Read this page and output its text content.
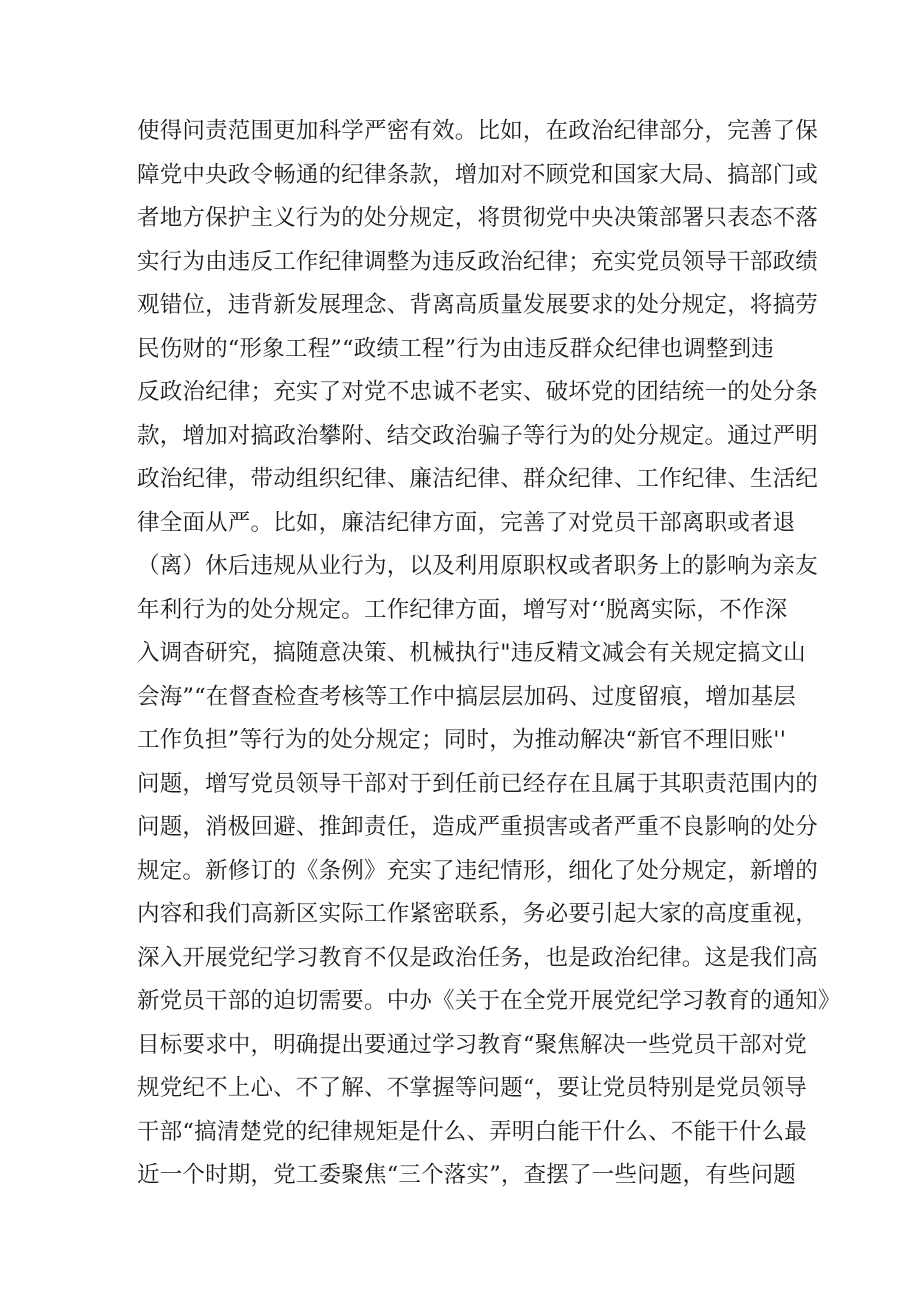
使得问责范围更加科学严密有效。比如，在政治纪律部分，完善了保
障党中央政令畅通的纪律条款，增加对不顾党和国家大局、搞部门或
者地方保护主义行为的处分规定，将贯彻党中央决策部署只表态不落
实行为由违反工作纪律调整为违反政治纪律；充实党员领导干部政绩
观错位，违背新发展理念、背离高质量发展要求的处分规定，将搞劳
民伤财的“形象工程”“政绩工程”行为由违反群众纪律也调整到违
反政治纪律；充实了对党不忠诚不老实、破坏党的团结统一的处分条
款，增加对搞政治攀附、结交政治骗子等行为的处分规定。通过严明
政治纪律，带动组织纪律、廉洁纪律、群众纪律、工作纪律、生活纪
律全面从严。比如，廉洁纪律方面，完善了对党员干部离职或者退
（离）休后违规从业行为，以及利用原职权或者职务上的影响为亲友
年利行为的处分规定。工作纪律方面，增写对‘‘脱离实际，不作深
入调杳研究，搞随意决策、机械执行"违反精文减会有关规定搞文山
会海”“在督查检查考核等工作中搞层层加码、过度留痕，增加基层
工作负担”等行为的处分规定；同时，为推动解决“新官不理旧账''
问题，增写党员领导干部对于到任前已经存在且属于其职责范围内的
问题，消极回避、推卸责任，造成严重损害或者严重不良影响的处分
规定。新修订的《条例》充实了违纪情形，细化了处分规定，新增的
内容和我们高新区实际工作紧密联系，务必要引起大家的高度重视，
深入开展党纪学习教育不仅是政治任务，也是政治纪律。这是我们高
新党员干部的迫切需要。中办《关于在全党开展党纪学习教育的通知》
目标要求中，明确提出要通过学习教育“聚焦解决一些党员干部对党
规党纪不上心、不了解、不掌握等问题“，要让党员特别是党员领导
干部“搞清楚党的纪律规矩是什么、弄明白能干什么、不能干什么最
近一个时期，党工委聚焦“三个落实”，查摆了一些问题，有些问题
